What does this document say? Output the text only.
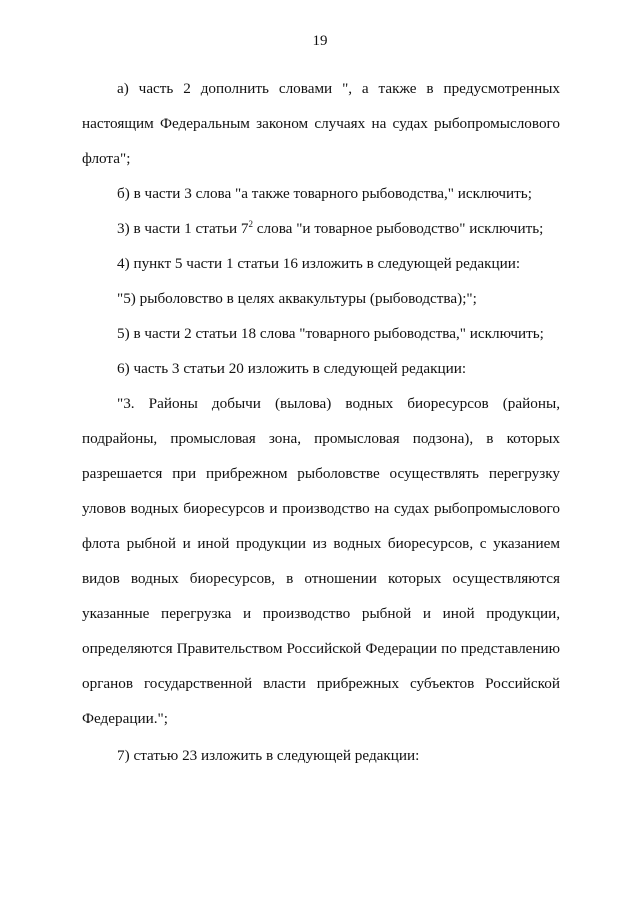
19

а) часть 2 дополнить словами ", а также в предусмотренных настоящим Федеральным законом случаях на судах рыбопромыслового флота";

б) в части 3 слова "а также товарного рыбоводства," исключить;

3) в части 1 статьи $7^2$ слова "и товарное рыбоводство" исключить;

4) пункт 5 части 1 статьи 16 изложить в следующей редакции:

"5) рыболовство в целях аквакультуры (рыбоводства);";

5) в части 2 статьи 18 слова "товарного рыбоводства," исключить;

6) часть 3 статьи 20 изложить в следующей редакции:

"3. Районы добычи (вылова) водных биоресурсов (районы, подрайоны, промысловая зона, промысловая подзона), в которых разрешается при прибрежном рыболовстве осуществлять перегрузку уловов водных биоресурсов и производство на судах рыбопромыслового флота рыбной и иной продукции из водных биоресурсов, с указанием видов водных биоресурсов, в отношении которых осуществляются указанные перегрузка и производство рыбной и иной продукции, определяются Правительством Российской Федерации по представлению органов государственной власти прибрежных субъектов Российской Федерации.";

7) статью 23 изложить в следующей редакции:
